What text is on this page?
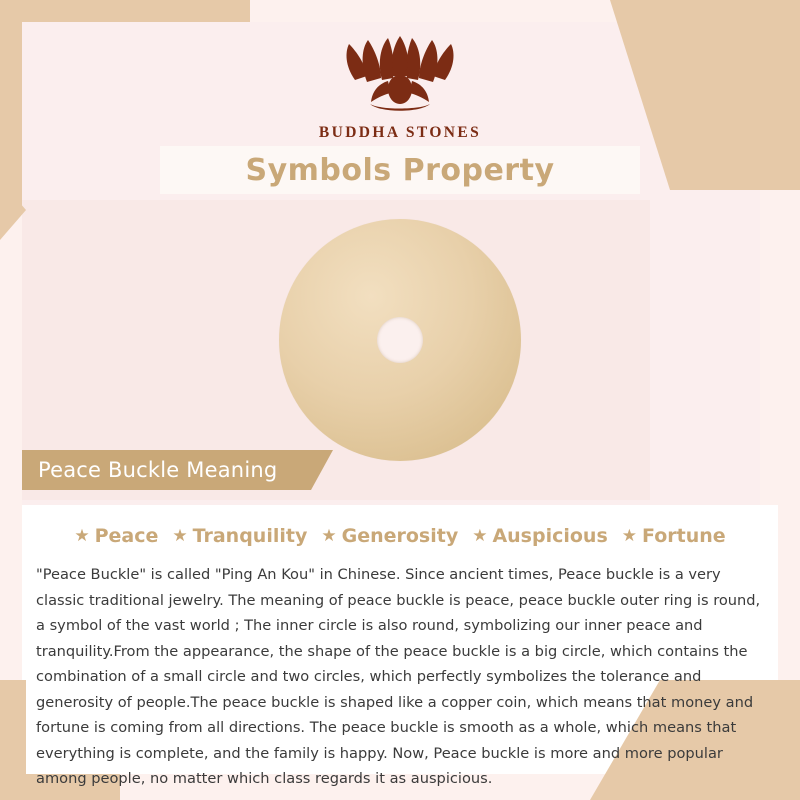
BUDDHA STONES
Symbols Property
Peace Buckle Meaning
★ Peace ★ Tranquility ★ Generosity ★ Auspicious ★ Fortune
"Peace Buckle" is called "Ping An Kou" in Chinese. Since ancient times, Peace buckle is a very classic traditional jewelry. The meaning of peace buckle is peace, peace buckle outer ring is round, a symbol of the vast world ; The inner circle is also round, symbolizing our inner peace and tranquility.From the appearance, the shape of the peace buckle is a big circle, which contains the combination of a small circle and two circles, which perfectly symbolizes the tolerance and generosity of people.The peace buckle is shaped like a copper coin, which means that money and fortune is coming from all directions. The peace buckle is smooth as a whole, which means that everything is complete, and the family is happy. Now, Peace buckle is more and more popular among people, no matter which class regards it as auspicious.
